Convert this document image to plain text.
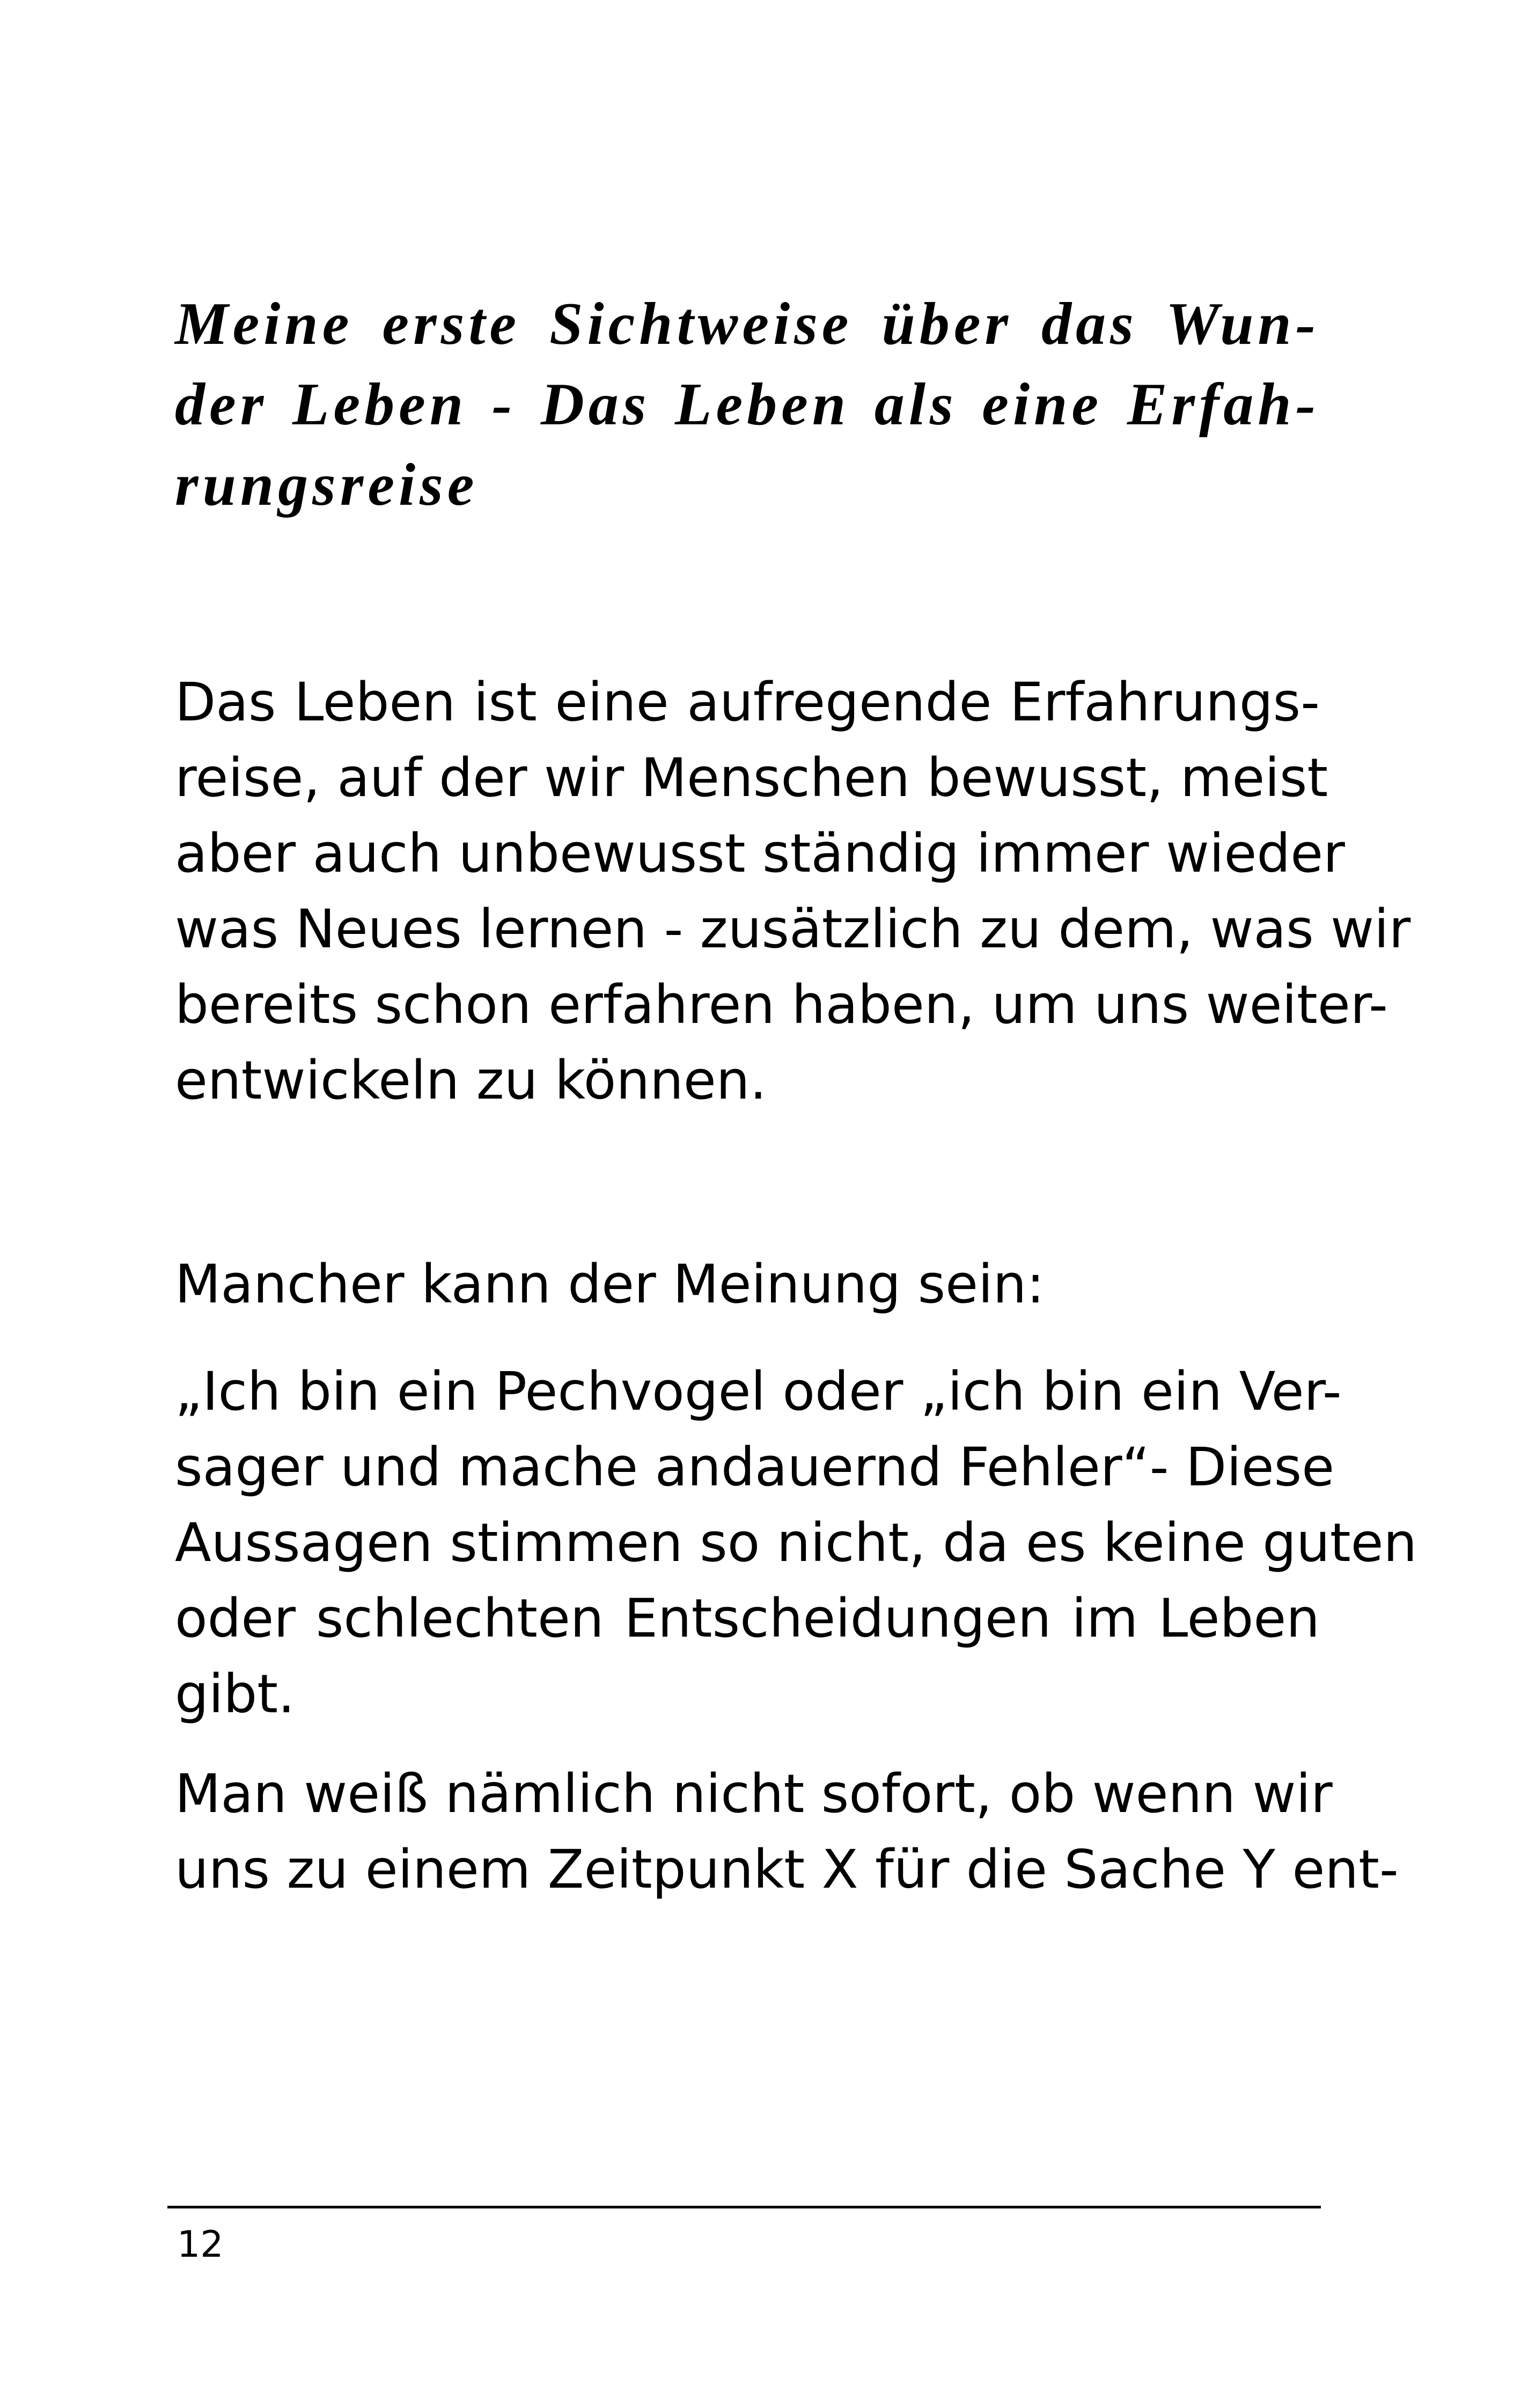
Meine erste Sichtweise über das Wun-
der Leben - Das Leben als eine Erfah-
rungsreise
Das Leben ist eine aufregende Erfahrungs-
reise, auf der wir Menschen bewusst, meist
aber auch unbewusst ständig immer wieder
was Neues lernen - zusätzlich zu dem, was wir
bereits schon erfahren haben, um uns weiter-
entwickeln zu können.
Mancher kann der Meinung sein:
„Ich bin ein Pechvogel oder „ich bin ein Ver-
sager und mache andauernd Fehler“- Diese
Aussagen stimmen so nicht, da es keine guten
oder schlechten Entscheidungen im Leben
gibt.
Man weiß nämlich nicht sofort, ob wenn wir
uns zu einem Zeitpunkt X für die Sache Y ent-
12
